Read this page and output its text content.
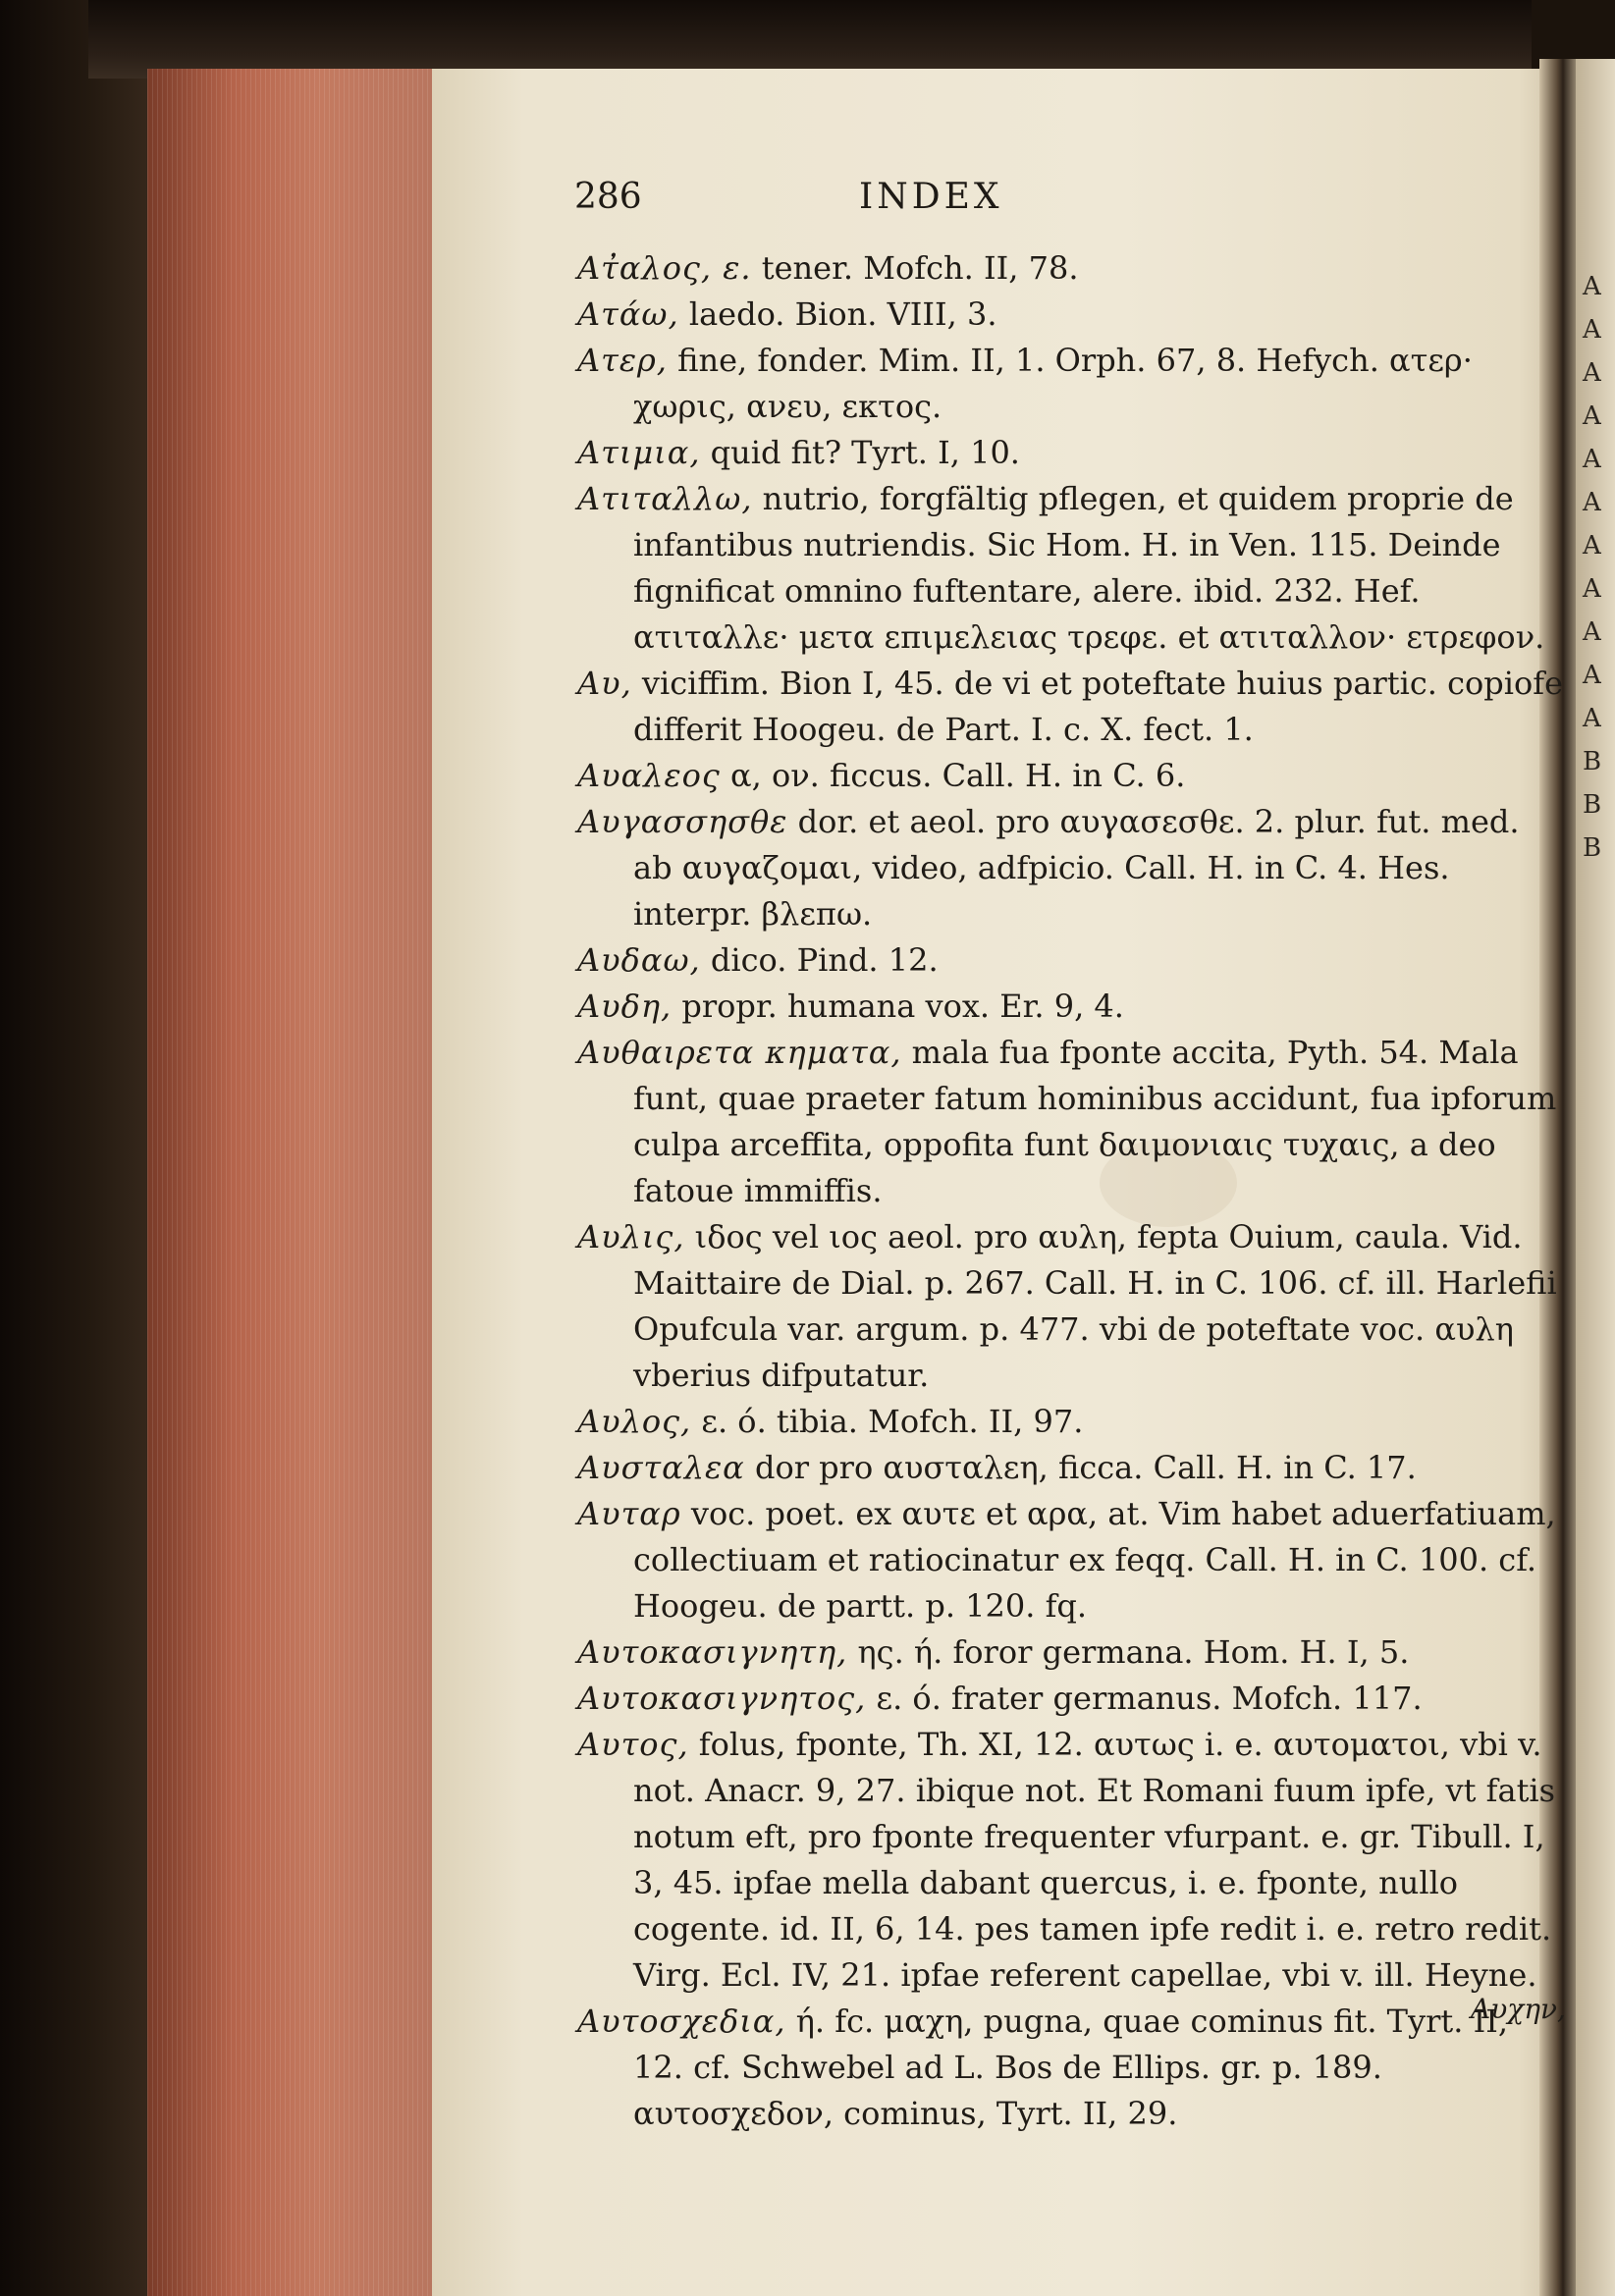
286	INDEX

Ατ̓αλος, ε. tener. Mofch. II, 78.

Ατάω, laedo. Bion. VIII, 3.

Ατερ, fine, fonder. Mim. II, 1. Orph. 67, 8. Hefych. ατερ· χωρις, ανευ, εκτος.

Ατιμια, quid fit? Tyrt. I, 10.

Ατιταλλω, nutrio, forgfältig pflegen, et quidem proprie de infantibus nutriendis. Sic Hom. H. in Ven. 115. Deinde fignificat omnino fuftentare, alere. ibid. 232. Hef. ατιταλλε· μετα επιμελειας τρεφε. et ατιταλλον· ετρεφον.

Αυ, viciffim. Bion I, 45. de vi et poteftate huius partic. copiofe differit Hoogeu. de Part. I. c. X. fect. 1.

Αυαλεος α, ον. ficcus. Call. H. in C. 6.

Αυγασσησθε dor. et aeol. pro αυγασεσθε. 2. plur. fut. med. ab αυγαζομαι, video, adfpicio. Call. H. in C. 4. Hes. interpr. βλεπω.

Αυδαω, dico. Pind. 12.

Αυδη, propr. humana vox. Er. 9, 4.

Αυθαιρετα κηματα, mala fua fponte accita, Pyth. 54. Mala funt, quae praeter fatum hominibus accidunt, fua ipforum culpa arceffita, oppofita funt δαιμονιαις τυχαις, a deo fatoue immiffis.

Αυλις, ιδος vel ιος aeol. pro αυλη, fepta Ouium, caula. Vid. Maittaire de Dial. p. 267. Call. H. in C. 106. cf. ill. Harlefii Opufcula var. argum. p. 477. vbi de poteftate voc. αυλη vberius difputatur.

Αυλος, ε. ό. tibia. Mofch. II, 97.

Αυσταλεα dor pro αυσταλεη, ficca. Call. H. in C. 17.

Αυταρ voc. poet. ex αυτε et αρα, at. Vim habet aduerfatiuam, collectiuam et ratiocinatur ex feqq. Call. H. in C. 100. cf. Hoogeu. de partt. p. 120. fq.

Αυτοκασιγνητη, ης. ή. foror germana. Hom. H. I, 5.

Αυτοκασιγνητος, ε. ό. frater germanus. Mofch. 117.

Αυτος, folus, fponte, Th. XI, 12. αυτως i. e. αυτοματοι, vbi v. not. Anacr. 9, 27. ibique not. Et Romani fuum ipfe, vt fatis notum eft, pro fponte frequenter vfurpant. e. gr. Tibull. I, 3, 45. ipfae mella dabant quercus, i. e. fponte, nullo cogente. id. II, 6, 14. pes tamen ipfe redit i. e. retro redit. Virg. Ecl. IV, 21. ipfae referent capellae, vbi v. ill. Heyne.

Αυτοσχεδια, ή. fc. μαχη, pugna, quae cominus fit. Tyrt. II, 12. cf. Schwebel ad L. Bos de Ellips. gr. p. 189. αυτοσχεδον, cominus, Tyrt. II, 29.

Αυχην,
A
A
A
A
A
A
A
A
A
A
A
B
B
B
